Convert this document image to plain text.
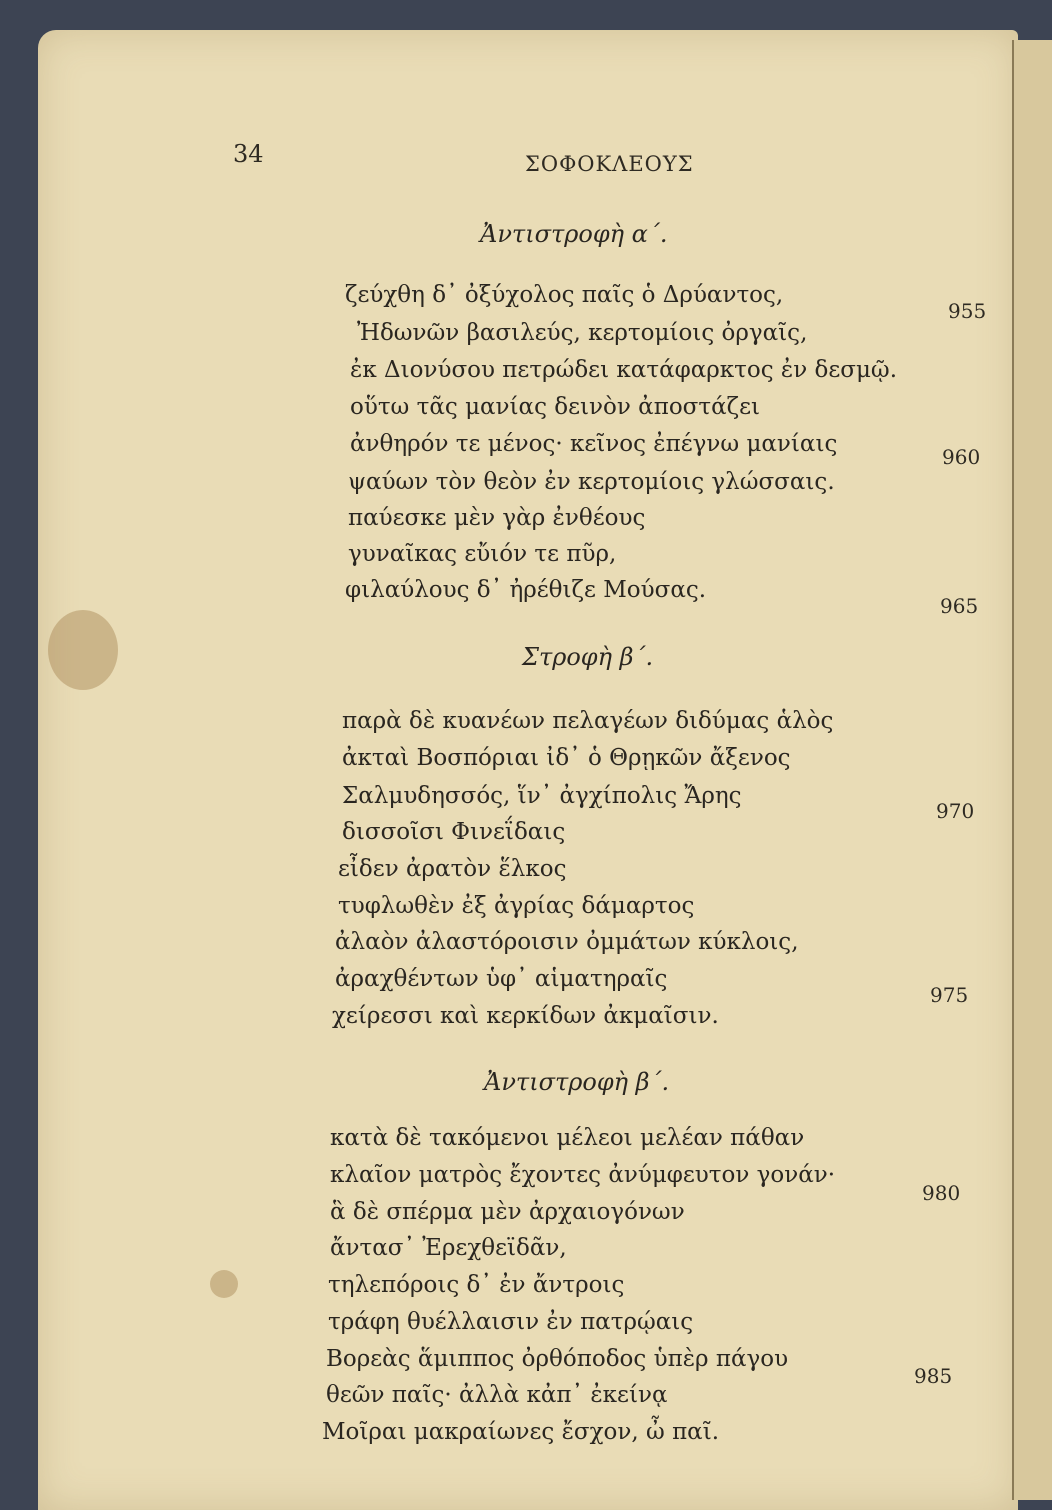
34	ΣΟΦΟΚΛΕΟΥΣ
Ἀντιστροφὴ α΄.
ζεύχθη δ᾽ ὀξύχολος παῖς ὁ Δρύαντος,
Ἠδωνῶν βασιλεύς, κερτομίοις ὀργαῖς,
ἐκ Διονύσου πετρώδει κατάφαρκτος ἐν δεσμῷ.
οὕτω τᾶς μανίας δεινὸν ἀποστάζει
ἀνθηρόν τε μένος· κεῖνος ἐπέγνω μανίαις
ψαύων τὸν θεὸν ἐν κερτομίοις γλώσσαις.
παύεσκε μὲν γὰρ ἐνθέους
γυναῖκας εὔιόν τε πῦρ,
φιλαύλους δ᾽ ἠρέθιζε Μούσας.
Στροφὴ β΄.
παρὰ δὲ κυανέων πελαγέων διδύμας ἁλὸς
ἀκταὶ Βοσπόριαι ἰδ᾽ ὁ Θρῃκῶν ἄξενος
Σαλμυδησσός, ἵν᾽ ἀγχίπολις Ἄρης
δισσοῖσι Φινεΐδαις
εἶδεν ἀρατὸν ἕλκος
τυφλωθὲν ἐξ ἀγρίας δάμαρτος
ἀλαὸν ἀλαστόροισιν ὀμμάτων κύκλοις,
ἀραχθέντων ὑφ᾽ αἱματηραῖς
χείρεσσι καὶ κερκίδων ἀκμαῖσιν.
Ἀντιστροφὴ β΄.
κατὰ δὲ τακόμενοι μέλεοι μελέαν πάθαν
κλαῖον ματρὸς ἔχοντες ἀνύμφευτον γονάν·
ἃ δὲ σπέρμα μὲν ἀρχαιογόνων
ἄντασ᾽ Ἐρεχθεϊδᾶν,
τηλεπόροις δ᾽ ἐν ἄντροις
τράφη θυέλλαισιν ἐν πατρῴαις
Βορεὰς ἅμιππος ὀρθόποδος ὑπὲρ πάγου
θεῶν παῖς· ἀλλὰ κἀπ᾽ ἐκείνᾳ
Μοῖραι μακραίωνες ἔσχον, ὦ παῖ.
955
960
965
970
975
980
985
